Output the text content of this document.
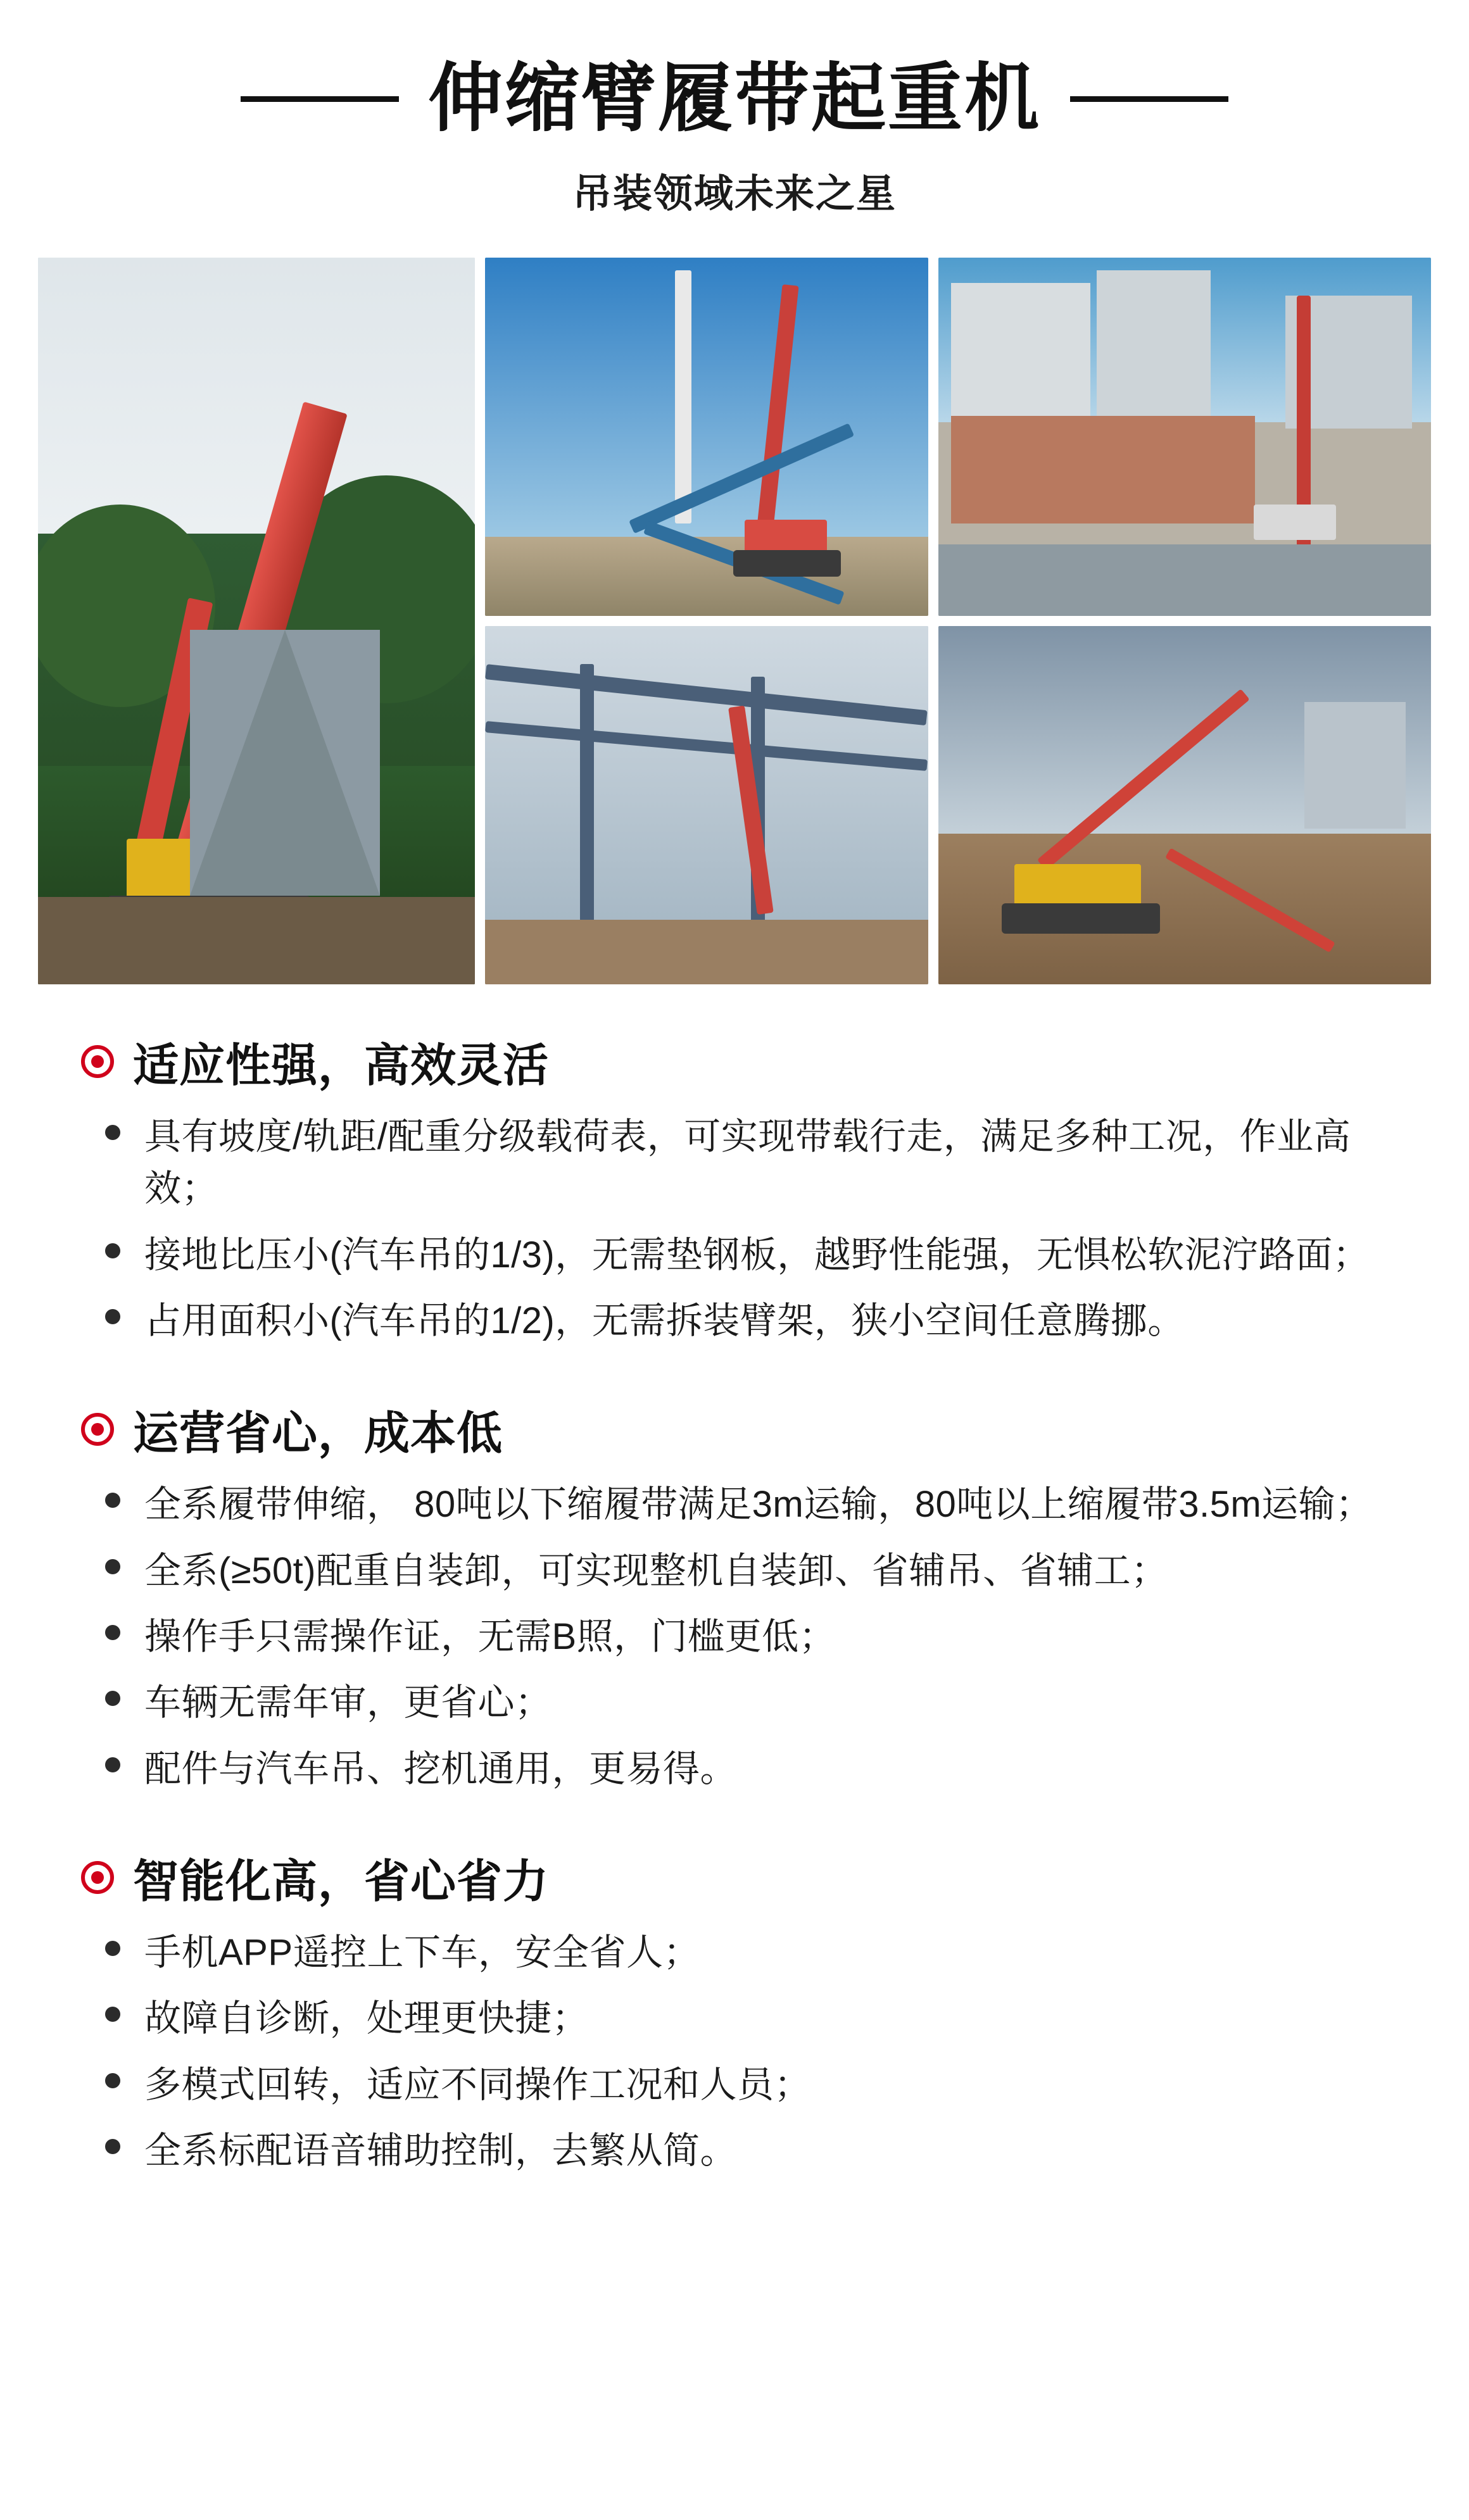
伸缩臂履带起重机
吊装领域未来之星
适应性强，高效灵活
具有坡度/轨距/配重分级载荷表，可实现带载行走，满足多种工况，作业高效；
接地比压小(汽车吊的1/3)，无需垫钢板，越野性能强，无惧松软泥泞路面；
占用面积小(汽车吊的1/2)，无需拆装臂架，狭小空间任意腾挪。
运营省心，成本低
全系履带伸缩， 80吨以下缩履带满足3m运输，80吨以上缩履带3.5m运输；
全系(≥50t)配重自装卸，可实现整机自装卸、省辅吊、省辅工；
操作手只需操作证，无需B照，门槛更低；
车辆无需年审，更省心；
配件与汽车吊、挖机通用，更易得。
智能化高，省心省力
手机APP遥控上下车，安全省人；
故障自诊断，处理更快捷；
多模式回转，适应不同操作工况和人员；
全系标配语音辅助控制，去繁从简。
